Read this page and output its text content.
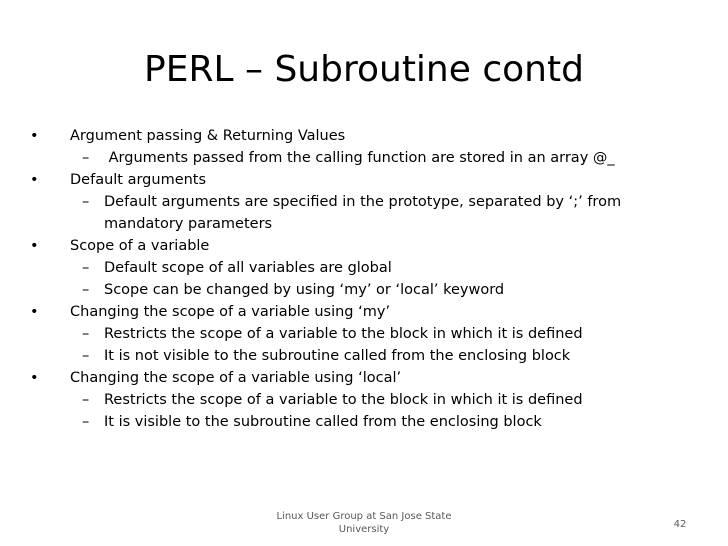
PERL – Subroutine contd
• Argument passing & Returning Values
– Arguments passed from the calling function are stored in an array @_
• Default arguments
– Default arguments are specified in the prototype, separated by ‘;’ from mandatory parameters
• Scope of a variable
– Default scope of all variables are global
– Scope can be changed by using ‘my’ or ‘local’ keyword
• Changing the scope of a variable using ‘my’
– Restricts the scope of a variable to the block in which it is defined
– It is not visible to the subroutine called from the enclosing block
• Changing the scope of a variable using ‘local’
– Restricts the scope of a variable to the block in which it is defined
– It is visible to the subroutine called from the enclosing block
Linux User Group at San Jose State University	42
